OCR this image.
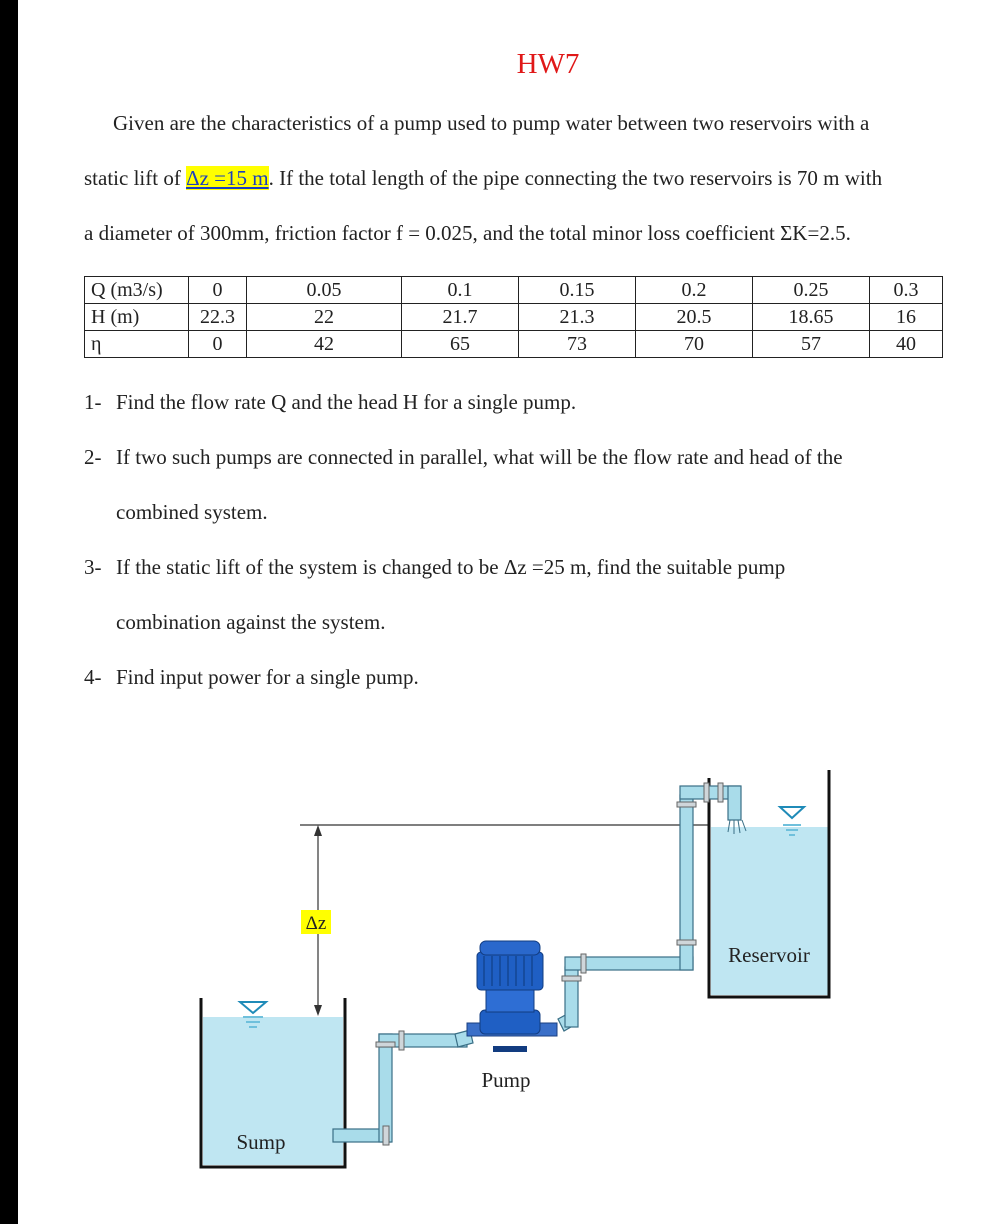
HW7
Given are the characteristics of a pump used to pump water between two reservoirs with a
static lift of Δz =15 m. If the total length of the pipe connecting the two reservoirs is 70 m with
a diameter of 300mm, friction factor f = 0.025, and the total minor loss coefficient ΣK=2.5.
Q (m3/s)	0	0.05	0.1	0.15	0.2	0.25	0.3
H (m)	22.3	22	21.7	21.3	20.5	18.65	16
η	0	42	65	73	70	57	40
1- Find the flow rate Q and the head H for a single pump.
2- If two such pumps are connected in parallel, what will be the flow rate and head of the
combined system.
3- If the static lift of the system is changed to be Δz =25 m, find the suitable pump
combination against the system.
4- Find input power for a single pump.
Δz
Sump
Reservoir
Pump
